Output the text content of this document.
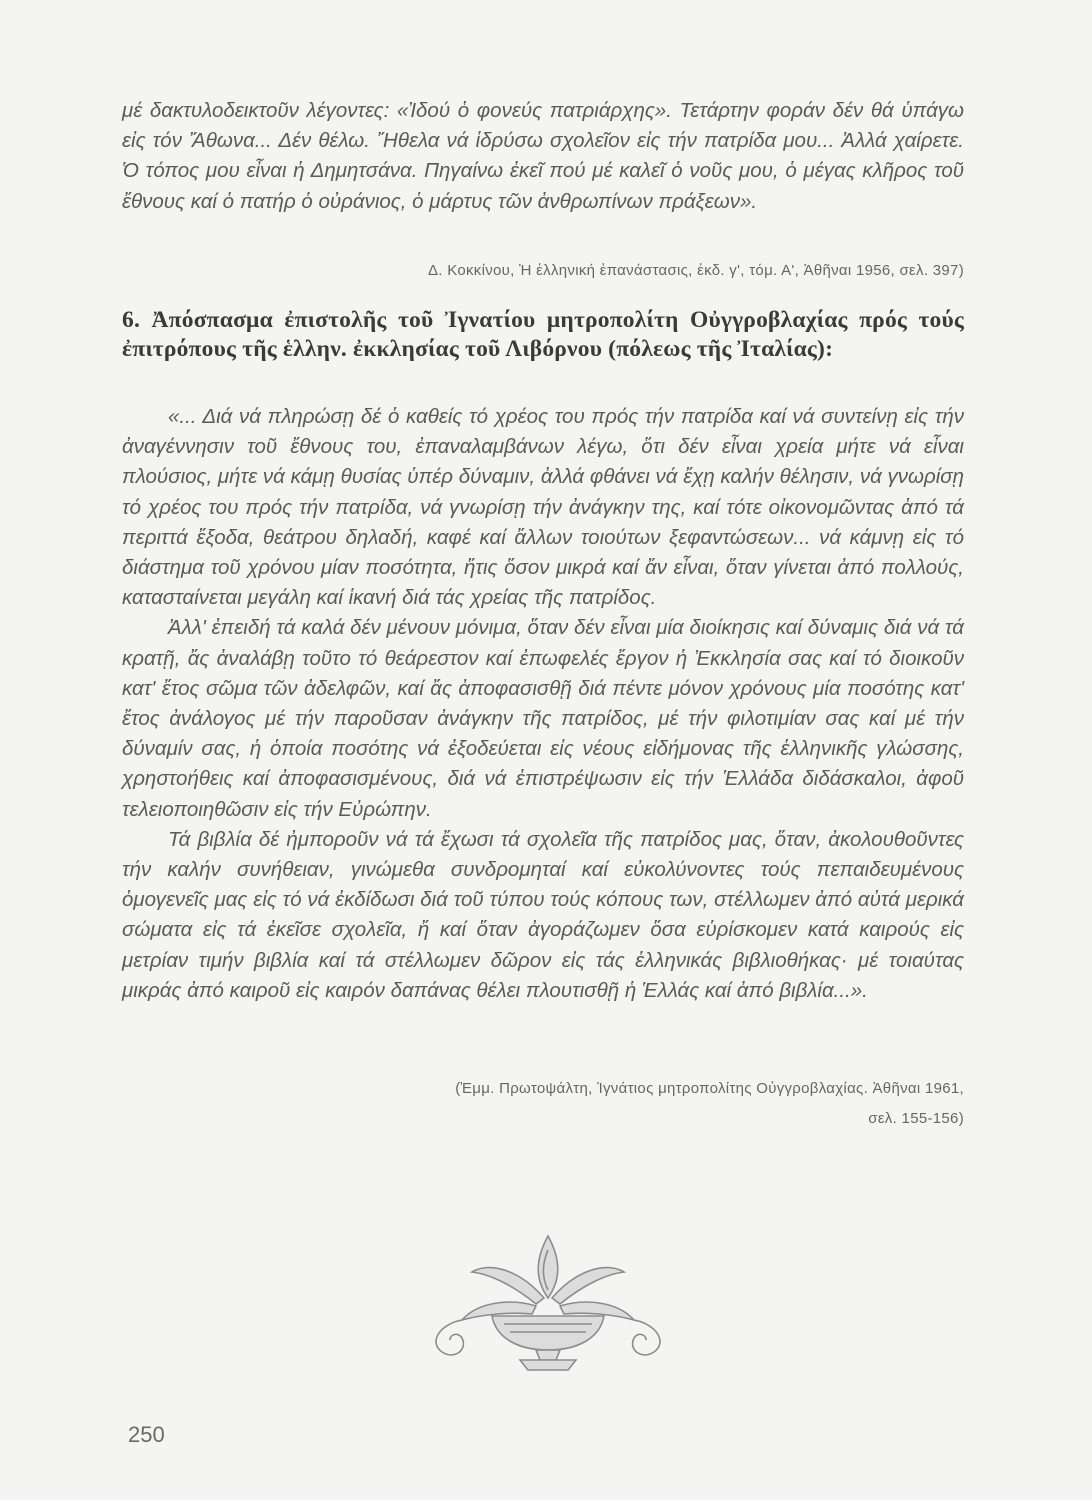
μέ δακτυλοδεικτοῦν λέγοντες: «Ἰδού ὁ φονεύς πατριάρχης». Τετάρτην φοράν δέν θά ὑπάγω εἰς τόν Ἄθωνα... Δέν θέλω. Ἤθελα νά ἱδρύσω σχολεῖον εἰς τήν πατρίδα μου... Ἀλλά χαίρετε. Ὁ τόπος μου εἶναι ἡ Δημητσάνα. Πηγαίνω ἐκεῖ πού μέ καλεῖ ὁ νοῦς μου, ὁ μέγας κλῆρος τοῦ ἔθνους καί ὁ πατήρ ὁ οὐράνιος, ὁ μάρτυς τῶν ἀνθρωπίνων πράξεων».

Δ. Κοκκίνου, Ἡ ἑλληνική ἐπανάστασις, ἐκδ. γ', τόμ. Α', Ἀθῆναι 1956, σελ. 397)

6. Ἀπόσπασμα ἐπιστολῆς τοῦ Ἰγνατίου μητροπολίτη Οὐγγροβλαχίας πρός τούς ἐπιτρόπους τῆς ἑλλην. ἐκκλησίας τοῦ Λιβόρνου (πόλεως τῆς Ἰταλίας):

«... Διά νά πληρώσῃ δέ ὁ καθείς τό χρέος του πρός τήν πατρίδα καί νά συντείνῃ εἰς τήν ἀναγέννησιν τοῦ ἔθνους του, ἐπαναλαμβάνων λέγω, ὅτι δέν εἶναι χρεία μήτε νά εἶναι πλούσιος, μήτε νά κάμῃ θυσίας ὑπέρ δύναμιν, ἀλλά φθάνει νά ἔχῃ καλήν θέλησιν, νά γνωρίσῃ τό χρέος του πρός τήν πατρίδα, νά γνωρίσῃ τήν ἀνάγκην της, καί τότε οἰκονομῶντας ἀπό τά περιττά ἔξοδα, θεάτρου δηλαδή, καφέ καί ἄλλων τοιούτων ξεφαντώσεων... νά κάμνῃ εἰς τό διάστημα τοῦ χρόνου μίαν ποσότητα, ἥτις ὅσον μικρά καί ἄν εἶναι, ὅταν γίνεται ἀπό πολλούς, κατασταίνεται μεγάλη καί ἱκανή διά τάς χρείας τῆς πατρίδος.

Ἀλλ' ἐπειδή τά καλά δέν μένουν μόνιμα, ὅταν δέν εἶναι μία διοίκησις καί δύναμις διά νά τά κρατῇ, ἄς ἀναλάβῃ τοῦτο τό θεάρεστον καί ἐπωφελές ἔργον ἡ Ἐκκλησία σας καί τό διοικοῦν κατ' ἔτος σῶμα τῶν ἀδελφῶν, καί ἄς ἀποφασισθῇ διά πέντε μόνον χρόνους μία ποσότης κατ' ἔτος ἀνάλογος μέ τήν παροῦσαν ἀνάγκην τῆς πατρίδος, μέ τήν φιλοτιμίαν σας καί μέ τήν δύναμίν σας, ἡ ὁποία ποσότης νά ἐξοδεύεται εἰς νέους εἰδήμονας τῆς ἑλληνικῆς γλώσσης, χρηστοήθεις καί ἀποφασισμένους, διά νά ἐπιστρέψωσιν εἰς τήν Ἑλλάδα διδάσκαλοι, ἀφοῦ τελειοποιηθῶσιν εἰς τήν Εὐρώπην.

Τά βιβλία δέ ἠμποροῦν νά τά ἔχωσι τά σχολεῖα τῆς πατρίδος μας, ὅταν, ἀκολουθοῦντες τήν καλήν συνήθειαν, γινώμεθα συνδρομηταί καί εὐκολύνοντες τούς πεπαιδευμένους ὁμογενεῖς μας εἰς τό νά ἐκδίδωσι διά τοῦ τύπου τούς κόπους των, στέλλωμεν ἀπό αὐτά μερικά σώματα εἰς τά ἐκεῖσε σχολεῖα, ἤ καί ὅταν ἀγοράζωμεν ὅσα εὑρίσκομεν κατά καιρούς εἰς μετρίαν τιμήν βιβλία καί τά στέλλωμεν δῶρον εἰς τάς ἑλληνικάς βιβλιοθήκας· μέ τοιαύτας μικράς ἀπό καιροῦ εἰς καιρόν δαπάνας θέλει πλουτισθῇ ἡ Ἑλλάς καί ἀπό βιβλία...».

(Ἐμμ. Πρωτοψάλτη, Ἰγνάτιος μητροπολίτης Οὐγγροβλαχίας. Ἀθῆναι 1961,

σελ. 155-156)

250
